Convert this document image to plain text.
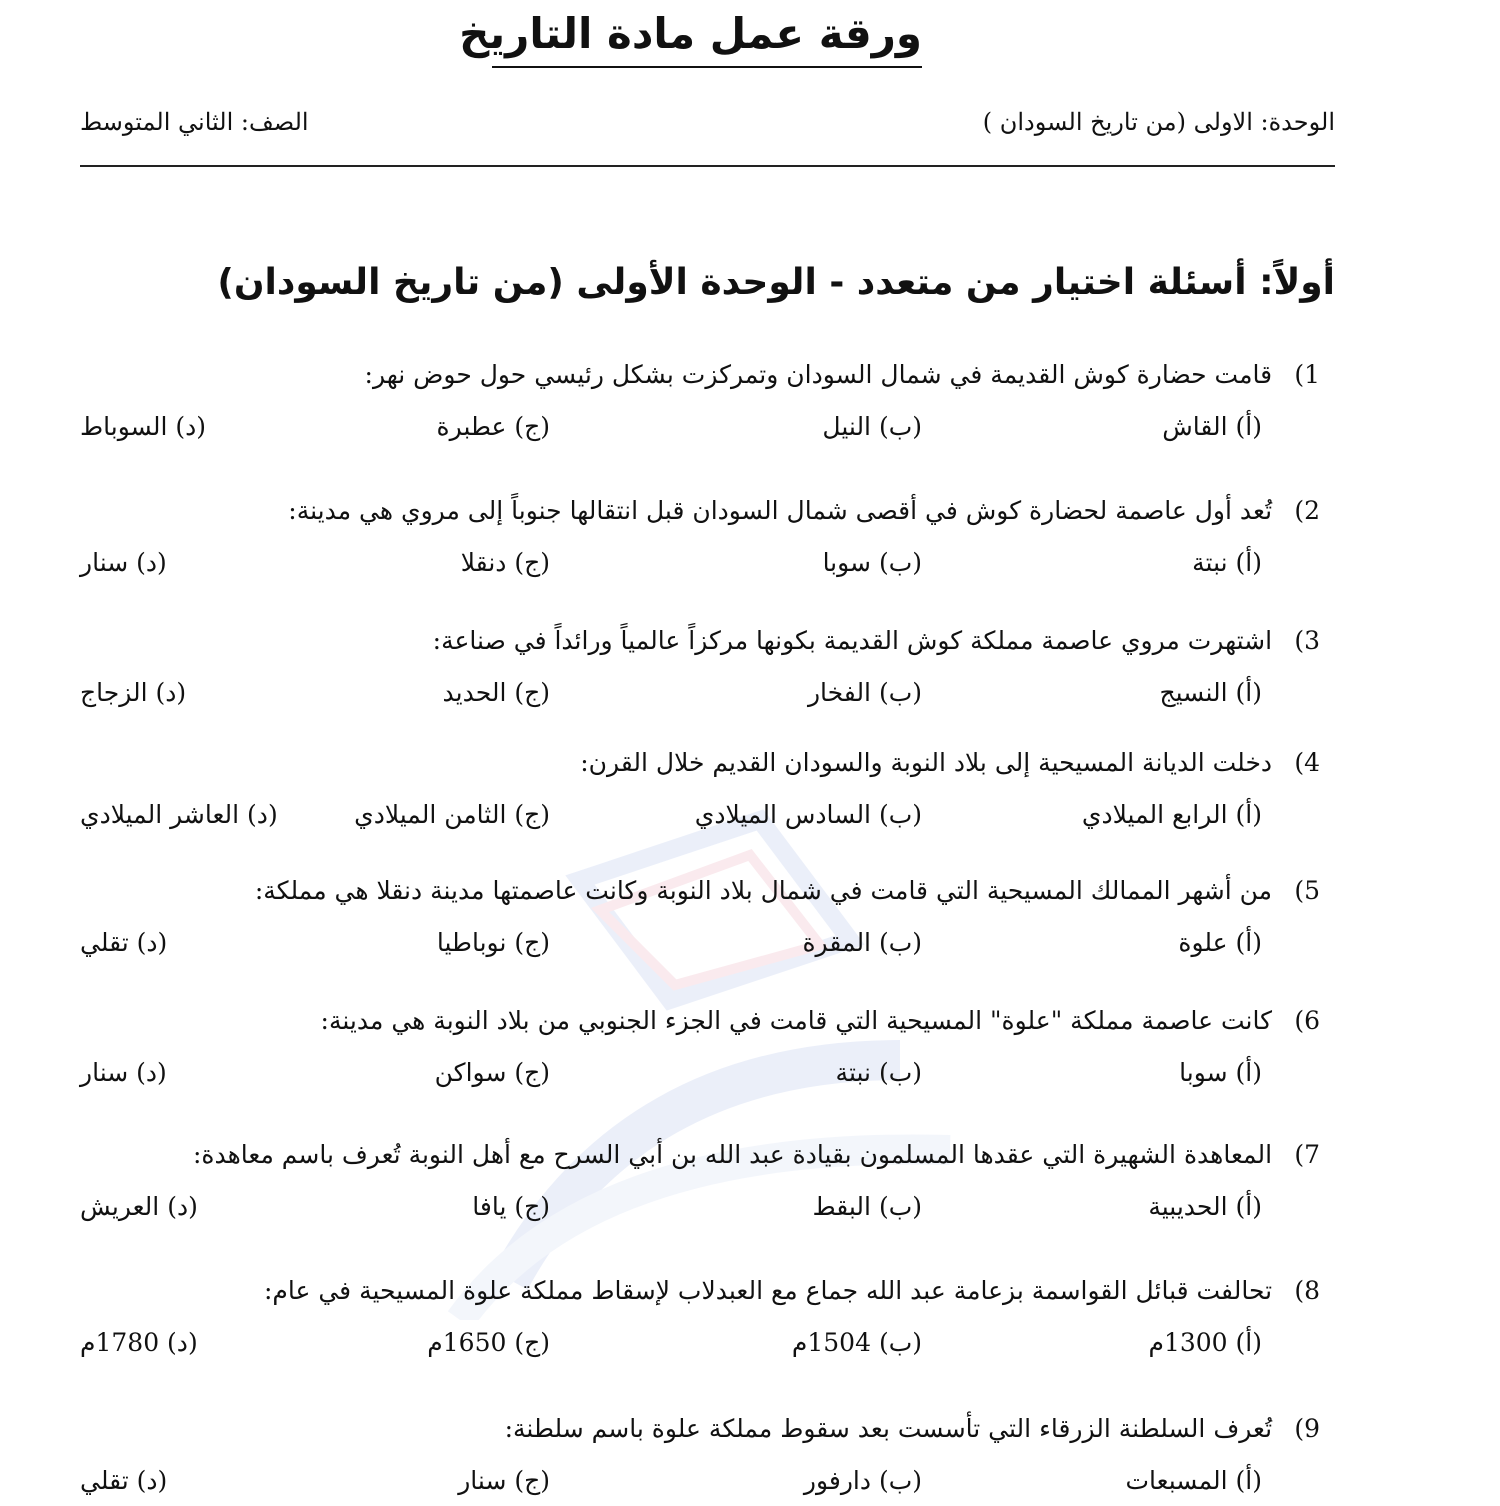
ورقة عمل مادة التاريخ
الوحدة: الاولى (من تاريخ السودان )
الصف: الثاني المتوسط
أولاً: أسئلة اختيار من متعدد - الوحدة الأولى (من تاريخ السودان)
1) قامت حضارة كوش القديمة في شمال السودان وتمركزت بشكل رئيسي حول حوض نهر:
(أ) القاش
(ب) النيل
(ج) عطبرة
(د) السوباط
2) تُعد أول عاصمة لحضارة كوش في أقصى شمال السودان قبل انتقالها جنوباً إلى مروي هي مدينة:
(أ) نبتة
(ب) سوبا
(ج) دنقلا
(د) سنار
3) اشتهرت مروي عاصمة مملكة كوش القديمة بكونها مركزاً عالمياً ورائداً في صناعة:
(أ) النسيج
(ب) الفخار
(ج) الحديد
(د) الزجاج
4) دخلت الديانة المسيحية إلى بلاد النوبة والسودان القديم خلال القرن:
(أ) الرابع الميلادي
(ب) السادس الميلادي
(ج) الثامن الميلادي
(د) العاشر الميلادي
5) من أشهر الممالك المسيحية التي قامت في شمال بلاد النوبة وكانت عاصمتها مدينة دنقلا هي مملكة:
(أ) علوة
(ب) المقرة
(ج) نوباطيا
(د) تقلي
6) كانت عاصمة مملكة "علوة" المسيحية التي قامت في الجزء الجنوبي من بلاد النوبة هي مدينة:
(أ) سوبا
(ب) نبتة
(ج) سواكن
(د) سنار
7) المعاهدة الشهيرة التي عقدها المسلمون بقيادة عبد الله بن أبي السرح مع أهل النوبة تُعرف باسم معاهدة:
(أ) الحديبية
(ب) البقط
(ج) يافا
(د) العريش
8) تحالفت قبائل القواسمة بزعامة عبد الله جماع مع العبدلاب لإسقاط مملكة علوة المسيحية في عام:
(أ) 1300م
(ب) 1504م
(ج) 1650م
(د) 1780م
9) تُعرف السلطنة الزرقاء التي تأسست بعد سقوط مملكة علوة باسم سلطنة:
(أ) المسبعات
(ب) دارفور
(ج) سنار
(د) تقلي
